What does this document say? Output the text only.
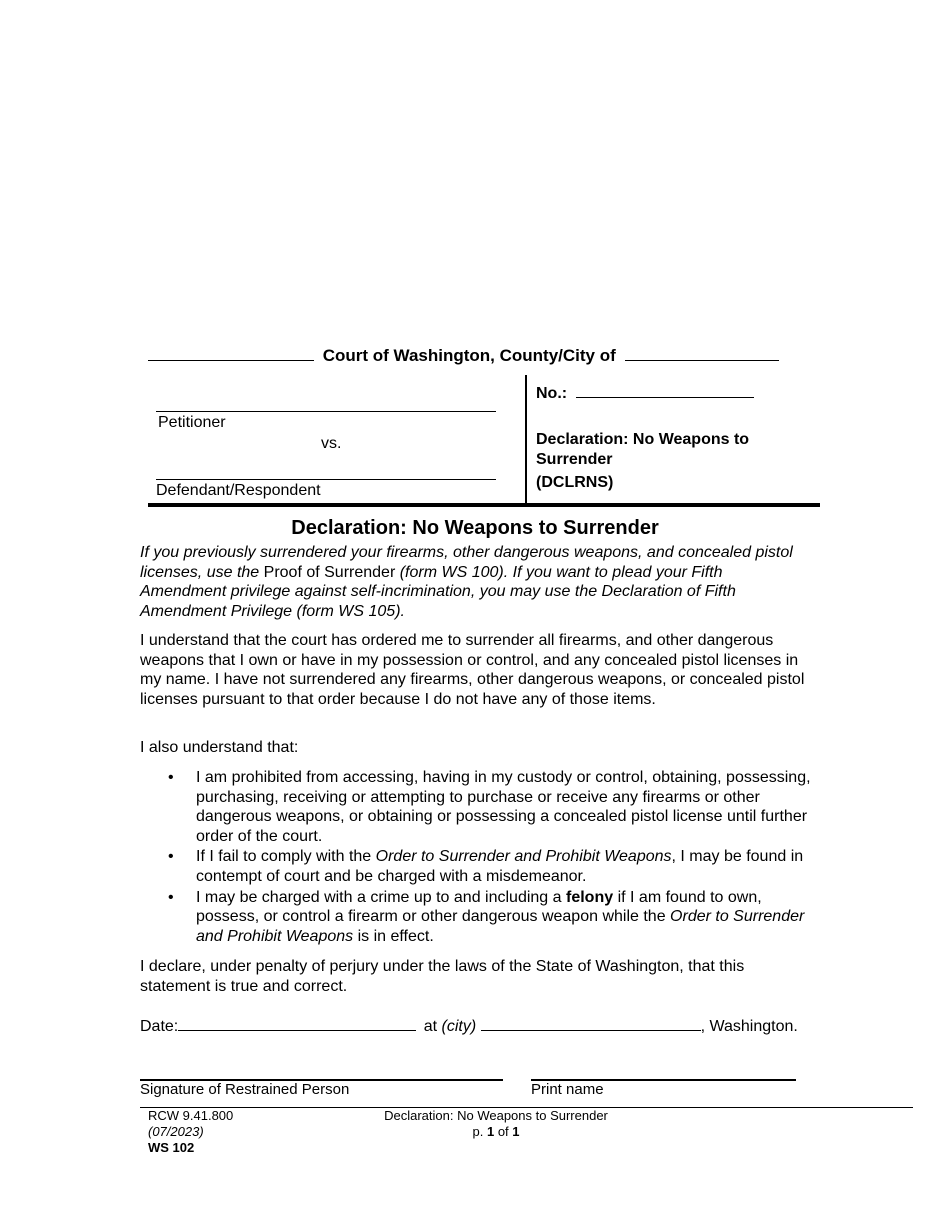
Court of Washington, County/City of
Petitioner
vs.
Defendant/Respondent
No.:
Declaration: No Weapons to
Surrender
(DCLRNS)
Declaration: No Weapons to Surrender
If you previously surrendered your firearms, other dangerous weapons, and concealed pistol licenses, use the Proof of Surrender (form WS 100). If you want to plead your Fifth Amendment privilege against self-incrimination, you may use the Declaration of Fifth Amendment Privilege (form WS 105).
I understand that the court has ordered me to surrender all firearms, and other dangerous weapons that I own or have in my possession or control, and any concealed pistol licenses in my name. I have not surrendered any firearms, other dangerous weapons, or concealed pistol licenses pursuant to that order because I do not have any of those items.
I also understand that:
• I am prohibited from accessing, having in my custody or control, obtaining, possessing, purchasing, receiving or attempting to purchase or receive any firearms or other dangerous weapons, or obtaining or possessing a concealed pistol license until further order of the court.
• If I fail to comply with the Order to Surrender and Prohibit Weapons, I may be found in contempt of court and be charged with a misdemeanor.
• I may be charged with a crime up to and including a felony if I am found to own, possess, or control a firearm or other dangerous weapon while the Order to Surrender and Prohibit Weapons is in effect.
I declare, under penalty of perjury under the laws of the State of Washington, that this statement is true and correct.
Date:	at (city)	, Washington.
Signature of Restrained Person	Print name
RCW 9.41.800
(07/2023)
WS 102
Declaration: No Weapons to Surrender
p. 1 of 1
